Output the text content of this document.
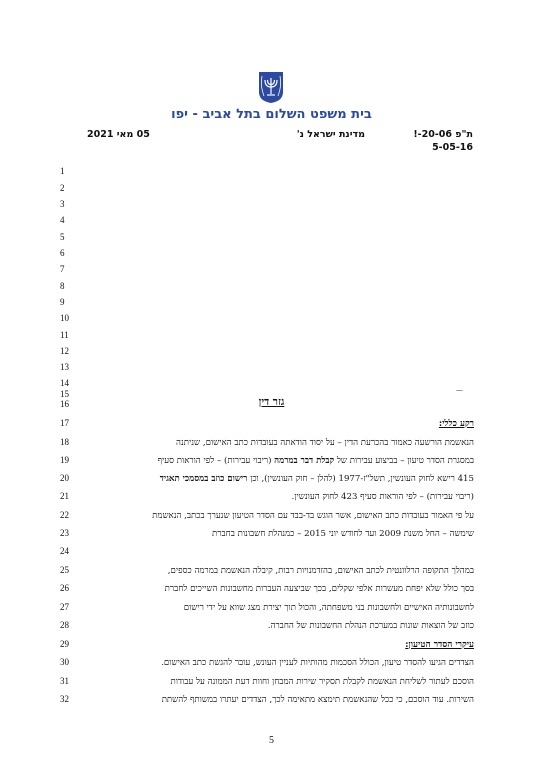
בית משפט השלום בתל אביב - יפו
ת"פ 20-06-!
5-05-16
מדינת ישראל נ'
05 מאי 2021
1
2
3
4
5
6
7
8
9
10
11
12
13
14
15
16
17
18
19
20
21
22
23
24
25
26
27
28
29
30
31
32
—
גזר דין
רקע כללי:
הנאשמת הורשעה כאמור בהכרעת הדין – על יסוד הודאתה בעובדות כתב האישום, שניתנה
במסגרת הסדר טיעון – בביצוע עבירות של קבלת דבר במרמה (ריבוי עבירות) – לפי הוראות סעיף
415 רישא לחוק העונשין, תשל"ז-1977 (להלן – חוק העונשין), וכן רישום כוזב במסמכי תאגיד
(ריבוי עבירות) – לפי הוראות סעיף 423 לחוק העונשין.
על פי האמור בעובדות כתב האישום, אשר הוגש בד-בבד עם הסדר הטיעון שנערך בכתב, הנאשמת
שימשה – החל משנת 2009 ועד לחודש יוני 2015 – כמנהלת חשבונות בחברת
במהלך התקופה הרלוונטית לכתב האישום, בהזדמנויות רבות, קיבלה הנאשמת במרמה כספים,
בסך כולל שלא יפחת מעשרות אלפי שקלים, בכך שביצעה העברות מחשבונות השייכים לחברת
לחשבונותיה האישיים ולחשבונות בני משפחתה, והכול תוך יצירת מצג שווא על ידי רישום
כוזב של הוצאות שונות במערכת הנהלת החשבונות של החברה.
עיקרי הסדר הטיעון:
הצדדים הגיעו להסדר טיעון, הכולל הסכמות מהותיות לעניין העונש, עובר להגשת כתב האישום.
הוסכם לעתור לשליחת הנאשמת לקבלת תסקיר שירות המבחן וחוות דעת הממונה על עבודות
השירות. עוד הוסכם, כי ככל שהנאשמת תימצא מתאימה לכך, הצדדים יעתרו במשותף להשתת
5
